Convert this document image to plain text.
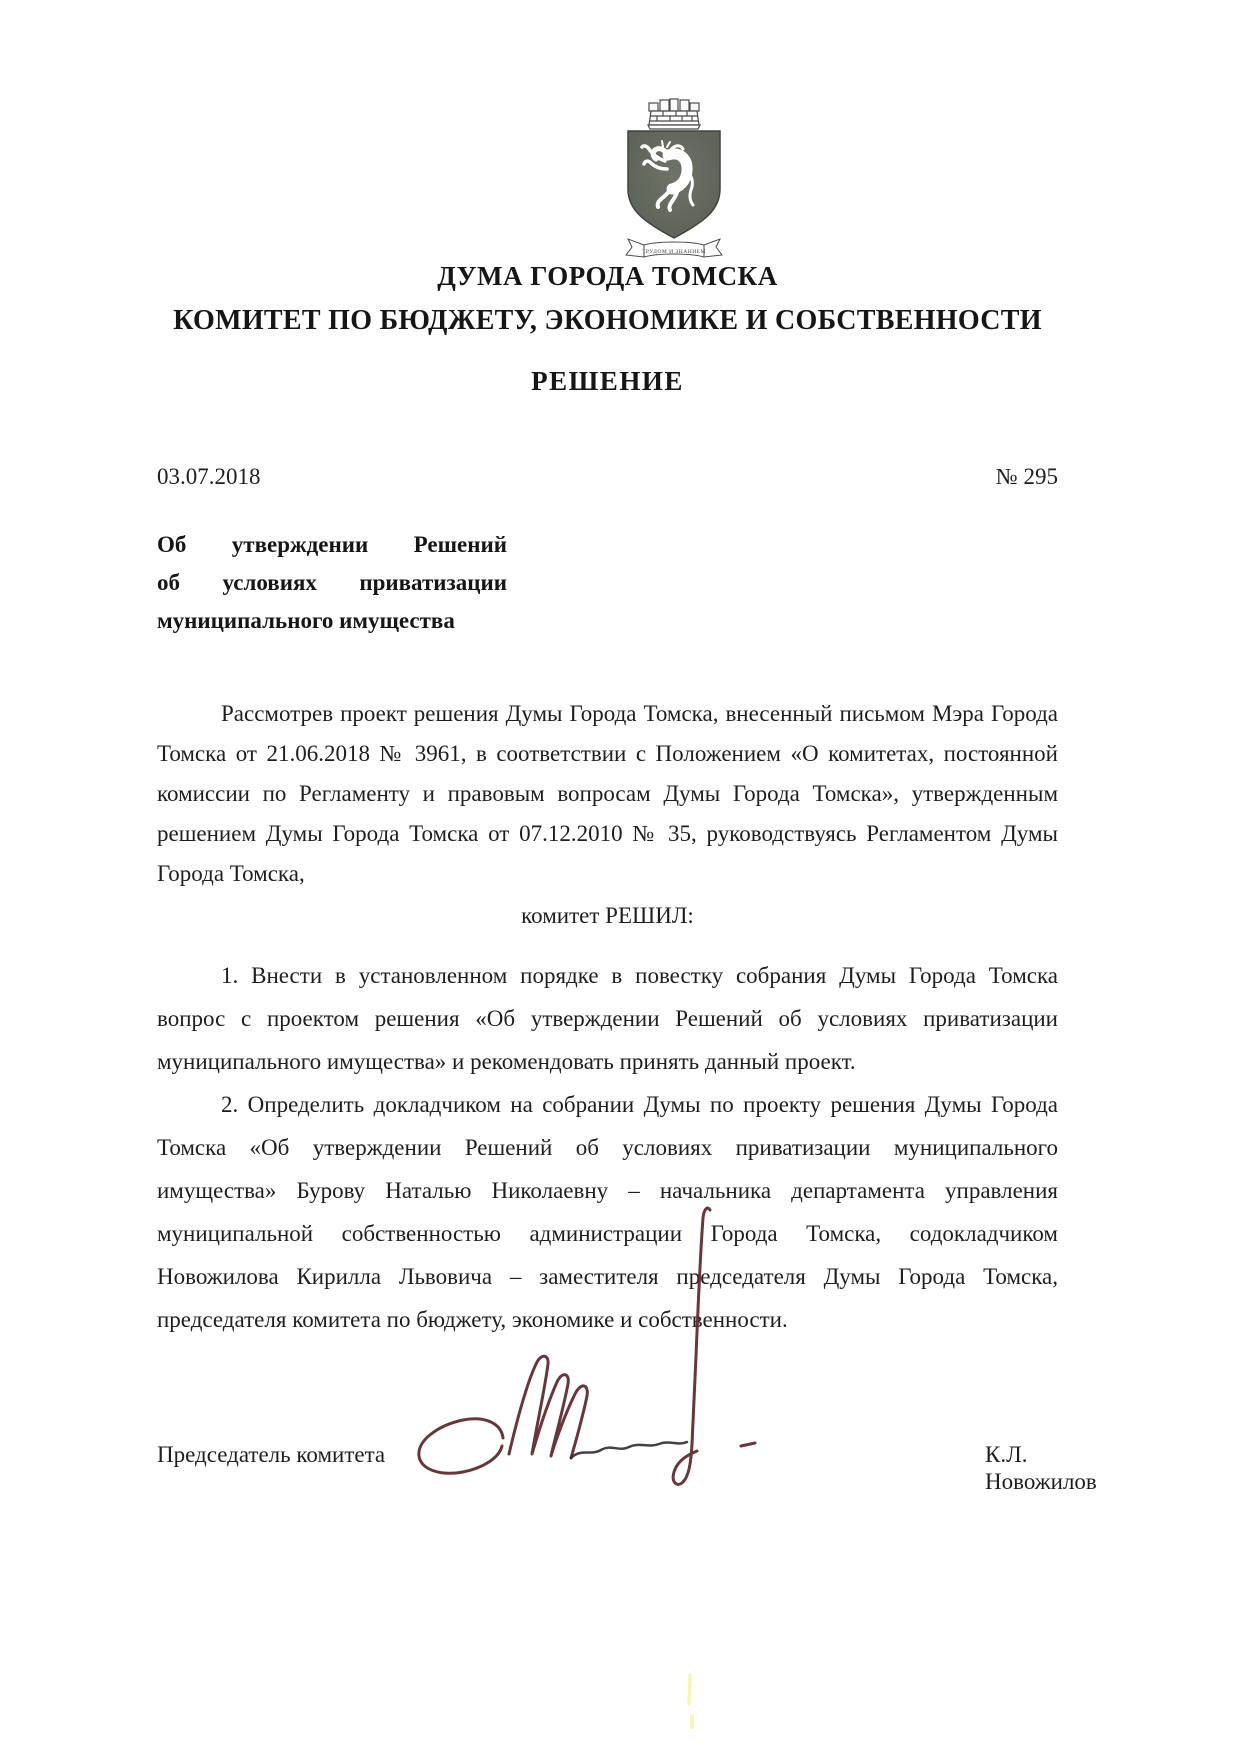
ТРУДОМ И ЗНАНИЕМ
ДУМА ГОРОДА ТОМСКА
КОМИТЕТ ПО БЮДЖЕТУ, ЭКОНОМИКЕ И СОБСТВЕННОСТИ
РЕШЕНИЕ
03.07.2018	№ 295
Об утверждении Решений
об условиях приватизации
муниципального имущества
Рассмотрев проект решения Думы Города Томска, внесенный письмом Мэра Города Томска от 21.06.2018 № 3961, в соответствии с Положением «О комитетах, постоянной комиссии по Регламенту и правовым вопросам Думы Города Томска», утвержденным решением Думы Города Томска от 07.12.2010 № 35, руководствуясь Регламентом Думы Города Томска,
комитет РЕШИЛ:
1. Внести в установленном порядке в повестку собрания Думы Города Томска вопрос с проектом решения «Об утверждении Решений об условиях приватизации муниципального имущества» и рекомендовать принять данный проект.
2. Определить докладчиком на собрании Думы по проекту решения Думы Города Томска «Об утверждении Решений об условиях приватизации муниципального имущества» Бурову Наталью Николаевну – начальника департамента управления муниципальной собственностью администрации Города Томска, содокладчиком Новожилова Кирилла Львовича – заместителя председателя Думы Города Томска, председателя комитета по бюджету, экономике и собственности.
Председатель комитета	К.Л. Новожилов
